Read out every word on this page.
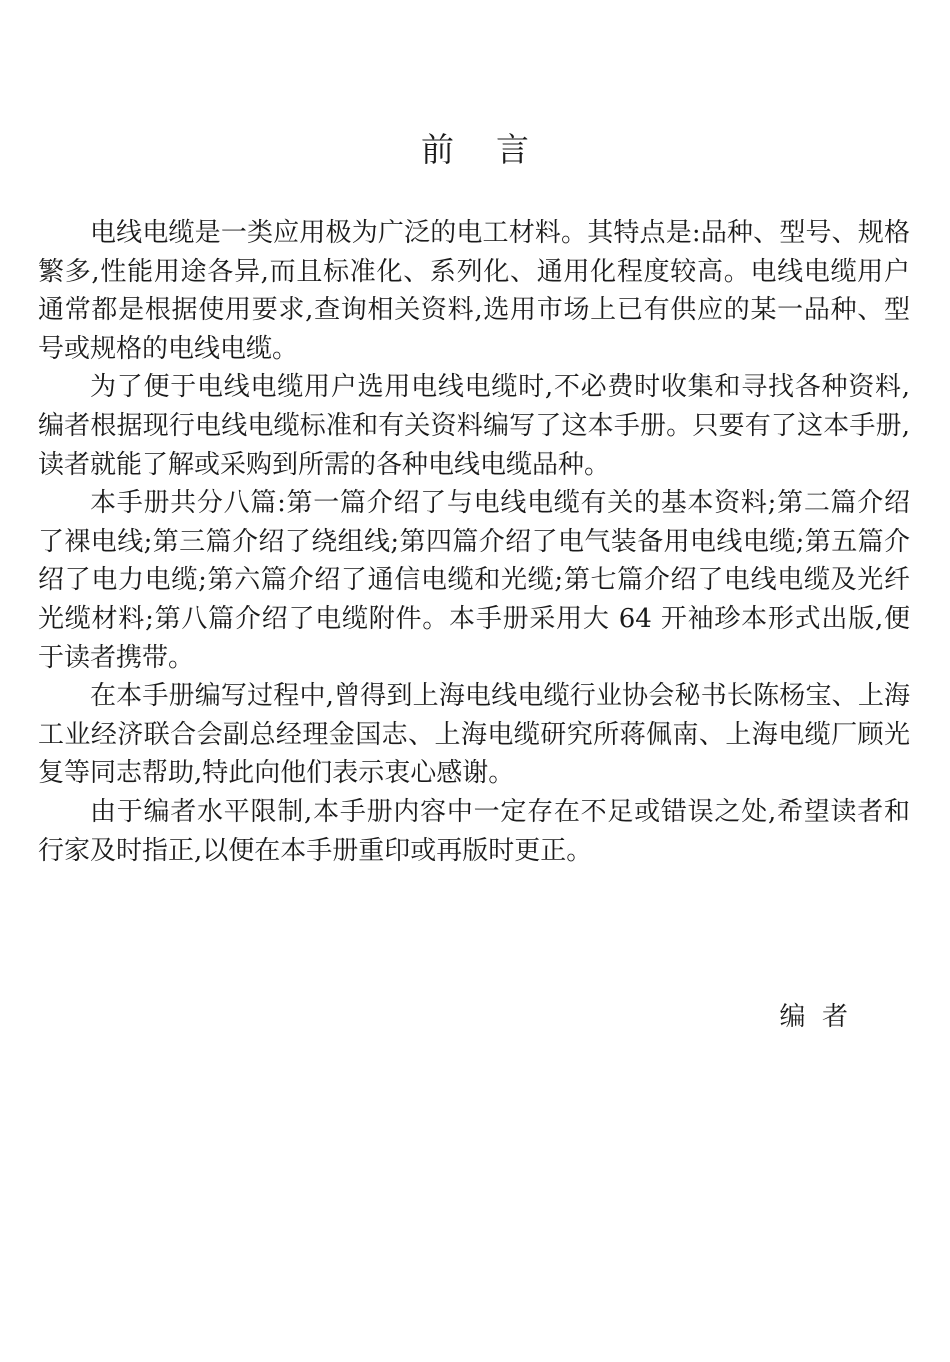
前    言

电线电缆是一类应用极为广泛的电工材料。其特点是:品种、型号、规格繁多,性能用途各异,而且标准化、系列化、通用化程度较高。电线电缆用户通常都是根据使用要求,查询相关资料,选用市场上已有供应的某一品种、型号或规格的电线电缆。

为了便于电线电缆用户选用电线电缆时,不必费时收集和寻找各种资料,编者根据现行电线电缆标准和有关资料编写了这本手册。只要有了这本手册,读者就能了解或采购到所需的各种电线电缆品种。

本手册共分八篇:第一篇介绍了与电线电缆有关的基本资料;第二篇介绍了裸电线;第三篇介绍了绕组线;第四篇介绍了电气装备用电线电缆;第五篇介绍了电力电缆;第六篇介绍了通信电缆和光缆;第七篇介绍了电线电缆及光纤光缆材料;第八篇介绍了电缆附件。本手册采用大 64 开袖珍本形式出版,便于读者携带。

在本手册编写过程中,曾得到上海电线电缆行业协会秘书长陈杨宝、上海工业经济联合会副总经理金国志、上海电缆研究所蒋佩南、上海电缆厂顾光复等同志帮助,特此向他们表示衷心感谢。

由于编者水平限制,本手册内容中一定存在不足或错误之处,希望读者和行家及时指正,以便在本手册重印或再版时更正。

编  者
